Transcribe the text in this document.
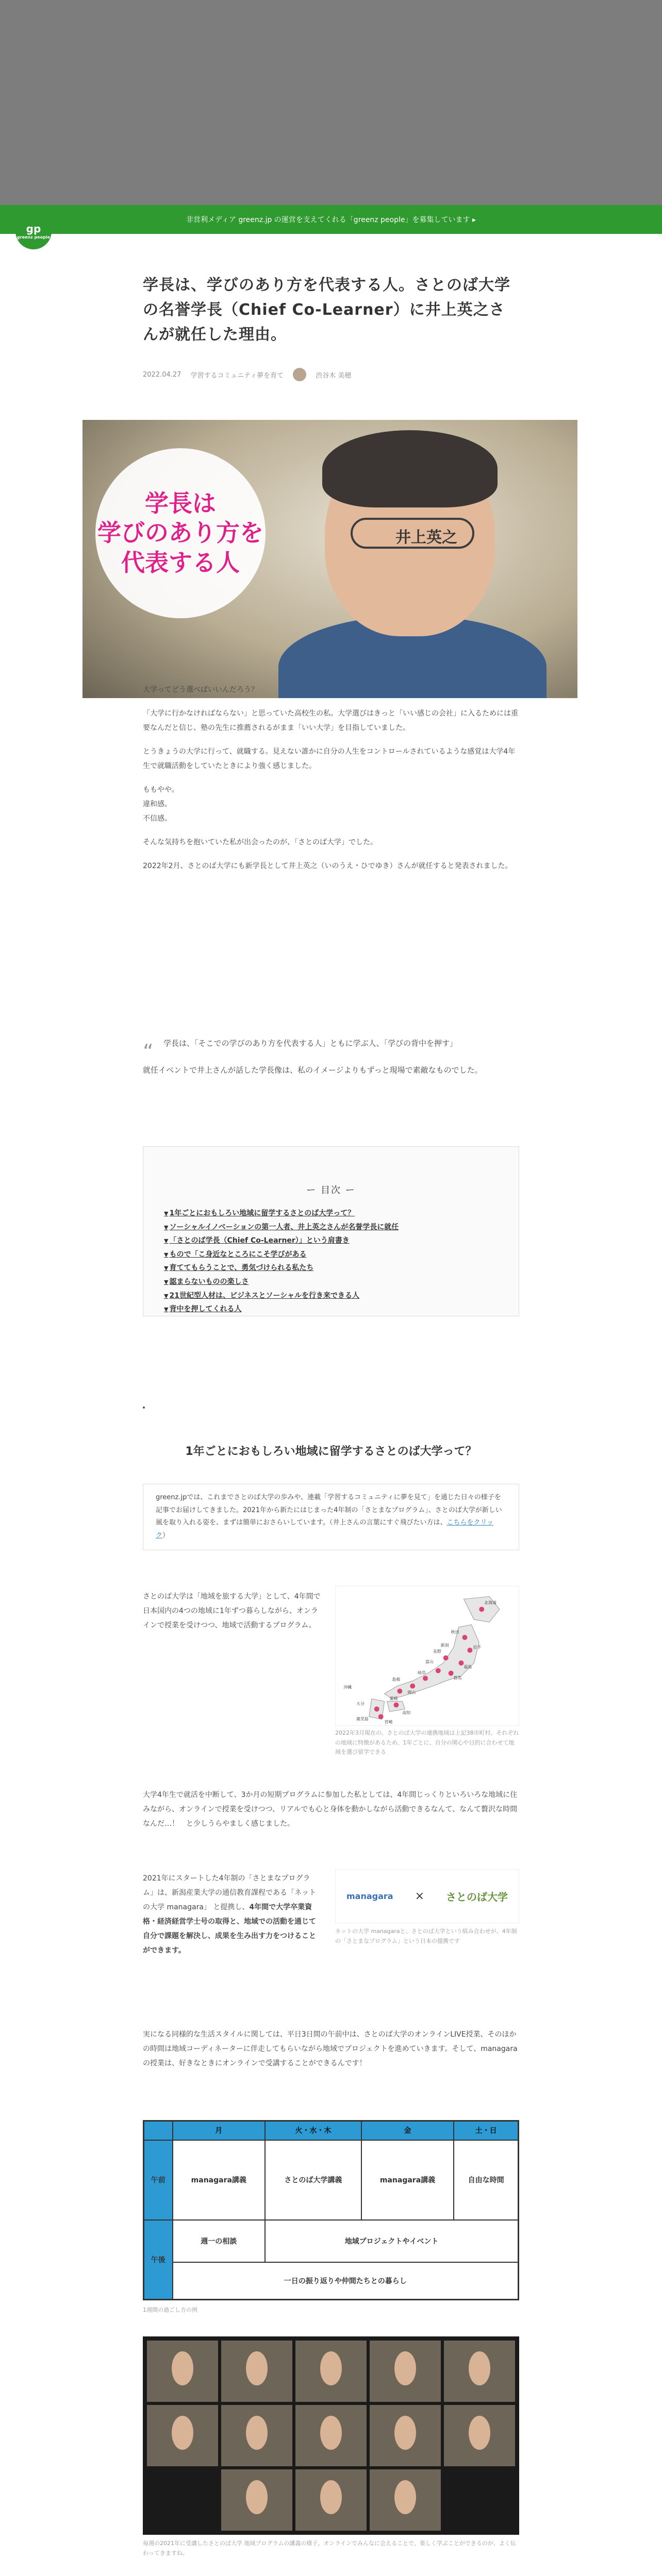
非営利メディア greenz.jp の運営を支えてくれる「greenz people」を募集しています ▸
gp
greenz people
学長は、学びのあり方を代表する人。さとのば大学の名誉学長（Chief Co-Learner）に井上英之さんが就任した理由。
2022.04.27 学習するコミュニティ夢を育て	渋谷木 美穂
学長は
学びのあり方を
代表する人
井上英之

大学ってどう選べばいいんだろう？

「大学に行かなければならない」と思っていた高校生の私。大学選びはきっと「いい感じの会社」に入るためには重要なんだと信じ、塾の先生に推薦されるがまま「いい大学」を目指していました。

とうきょうの大学に行って、就職する。見えない誰かに自分の人生をコントロールされているような感覚は大学4年生で就職活動をしていたときにより強く感じました。

ももやや。

違和感。

不信感。

そんな気持ちを抱いていた私が出会ったのが、「さとのば大学」でした。

2022年2月、さとのば大学にも新学長として井上英之（いのうえ・ひでゆき）さんが就任すると発表されました。

“ 学長は、「そこでの学びのあり方を代表する人」ともに学ぶ人、「学びの背中を押す」

就任イベントで井上さんが話した学長像は、私のイメージよりもずっと現場で素敵なものでした。

ー 目次 ー
▼ 1年ごとにおもしろい地域に留学するさとのば大学って？
▼ ソーシャルイノベーションの第一人者、井上英之さんが名誉学長に就任
▼ 「さとのば学長（Chief Co-Learner）」という肩書き
▼ もので「こ身近なところにこそ学びがある
▼ 育ててもらうことで、勇気づけられる私たち
▼ 認まらないものの楽しさ
▼ 21世紀型人材は、ビジネスとソーシャルを行き来できる人
▼ 背中を押してくれる人
1年ごとにおもしろい地域に留学するさとのば大学って？
greenz.jpでは、これまでさとのば大学の歩みや、連載「学習するコミュニティに夢を見て」を通じた日々の様子を記事でお届けしてきました。2021年から新たにはじまった4年制の「さとまなプログラム」、さとのば大学が新しい風を取り入れる姿を、まずは簡単におさらいしています。（井上さんの言葉にすぐ飛びたい方は、こちらをクリック）

さとのば大学は「地域を旅する大学」として、4年間で日本国内の4つの地域に1年ずつ暮らしながら、オンラインで授業を受けつつ、地域で活動するプログラム。

北海道
秋田
岩手
福島
長野
富山
新潟
群馬
岐阜
島根
岡山
愛媛
高知
大分
宮崎
鹿児島
沖縄

2022年3月現在の、さとのば大学の連携地域は上記38市町村。それぞれの地域に特徴があるため、1年ごとに、自分の関心や目的に合わせて地域を選び留学できる

大学4年生で就活を中断して、3か月の短期プログラムに参加した私としては、4年間じっくりといろいろな地域に住みながら、オンラインで授業を受けつつ、リアルでも心と身体を動かしながら活動できるなんて、なんて贅沢な時間なんだ…！　と少しうらやましく感じました。

2021年にスタートした4年制の「さとまなプログラム」は、新潟産業大学の通信教育課程である「ネットの大学 managara」 と提携し、4年間で大学卒業資格・経済経営学士号の取得と、地域での活動を通じて自分で課題を解決し、成果を生み出す力をつけることができます。

managara × さとのば大学

ネットの大学 managaraと、さとのば大学という組み合わせが、4年制の「さとまなプログラム」という日本の提携です

実になる同様的な生活スタイルに関しては、平日3日間の午前中は、さとのば大学のオンラインLIVE授業、そのほかの時間は地域コーディネーターに伴走してもらいながら地域でプロジェクトを進めていきます。そして、managaraの授業は、好きなときにオンラインで受講することができるんです！

	月	火・水・木	金	土・日
午前	managara講義	さとのば大学講義	managara講義	自由な時間
午後	週一の相談	地域プロジェクトやイベント		
	一日の振り返りや仲間たちとの暮らし			

1週間の過ごし方の例

毎週の2021年に受講したさとのば大学 地域プログラムの講義の様子。オンラインでみんなに会えることで、楽しく学ぶことができるのが、よく伝わってきますね。
